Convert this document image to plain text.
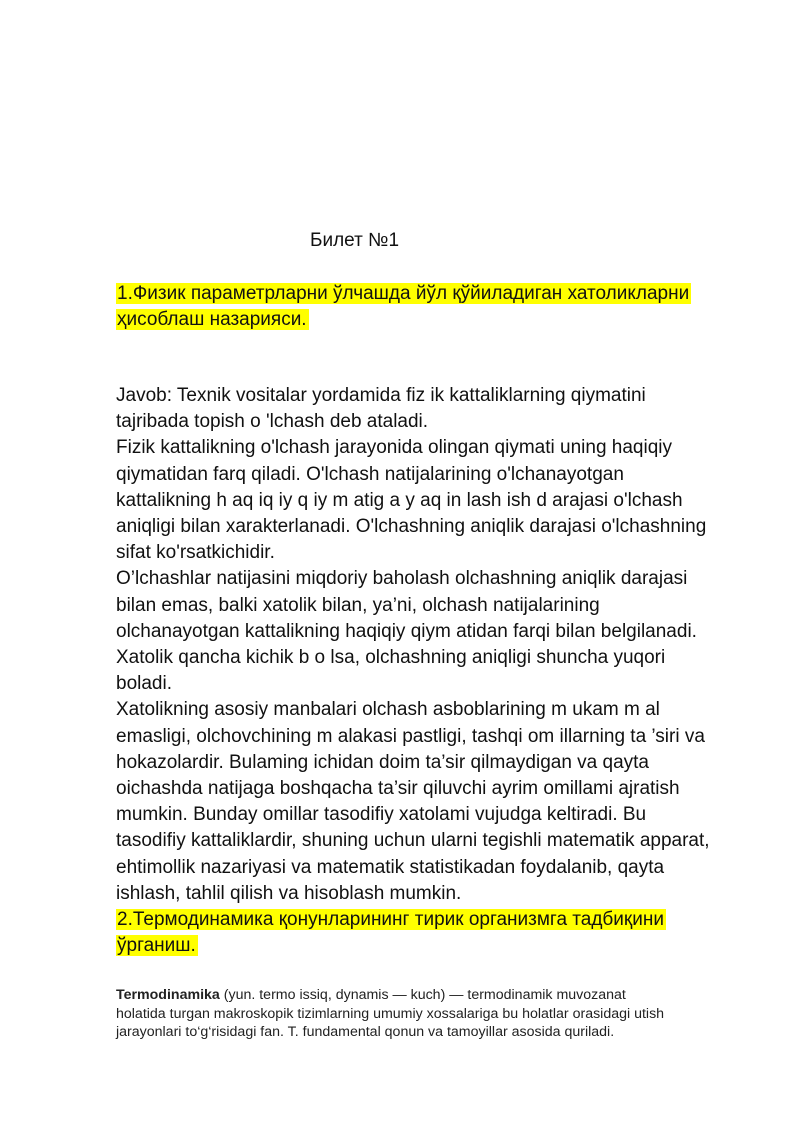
Билет №1
1.Физик параметрларни ўлчашда йўл қўйиладиган хатоликларни
ҳисоблаш назарияси.
Javob: Texnik vositalar yordamida fiz ik kattaliklarning qiymatini
tajribada topish o 'lchash deb ataladi.
Fizik kattalikning o'lchash jarayonida olingan qiymati uning haqiqiy
qiymatidan farq qiladi. O'lchash natijalarining o'lchanayotgan
kattalikning h aq iq iy q iy m atig a y aq in lash ish d arajasi o'lchash
aniqligi bilan xarakterlanadi. O'lchashning aniqlik darajasi o'lchashning
sifat ko'rsatkichidir.
O’lchashlar natijasini miqdoriy baholash olchashning aniqlik darajasi
bilan emas, balki xatolik bilan, ya’ni, olchash natijalarining
olchanayotgan kattalikning haqiqiy qiym atidan farqi bilan belgilanadi.
Xatolik qancha kichik b o lsa, olchashning aniqligi shuncha yuqori
boladi.
Xatolikning asosiy manbalari olchash asboblarining m ukam m al
emasligi, olchovchining m alakasi pastligi, tashqi om illarning ta ’siri va
hokazolardir. Bulaming ichidan doim ta’sir qilmaydigan va qayta
oichashda natijaga boshqacha ta’sir qiluvchi ayrim omillami ajratish
mumkin. Bunday omillar tasodifiy xatolami vujudga keltiradi. Bu
tasodifiy kattaliklardir, shuning uchun ularni tegishli matematik apparat,
ehtimollik nazariyasi va matematik statistikadan foydalanib, qayta
ishlash, tahlil qilish va hisoblash mumkin.
2.Термодинамика қонунларининг тирик организмга тадбиқини
ўрганиш.
Termodinamika (yun. termo issiq, dynamis — kuch) — termodinamik muvozanat
holatida turgan makroskopik tizimlarning umumiy xossalariga bu holatlar orasidagi utish
jarayonlari to‘g‘risidagi fan. T. fundamental qonun va tamoyillar asosida quriladi.
